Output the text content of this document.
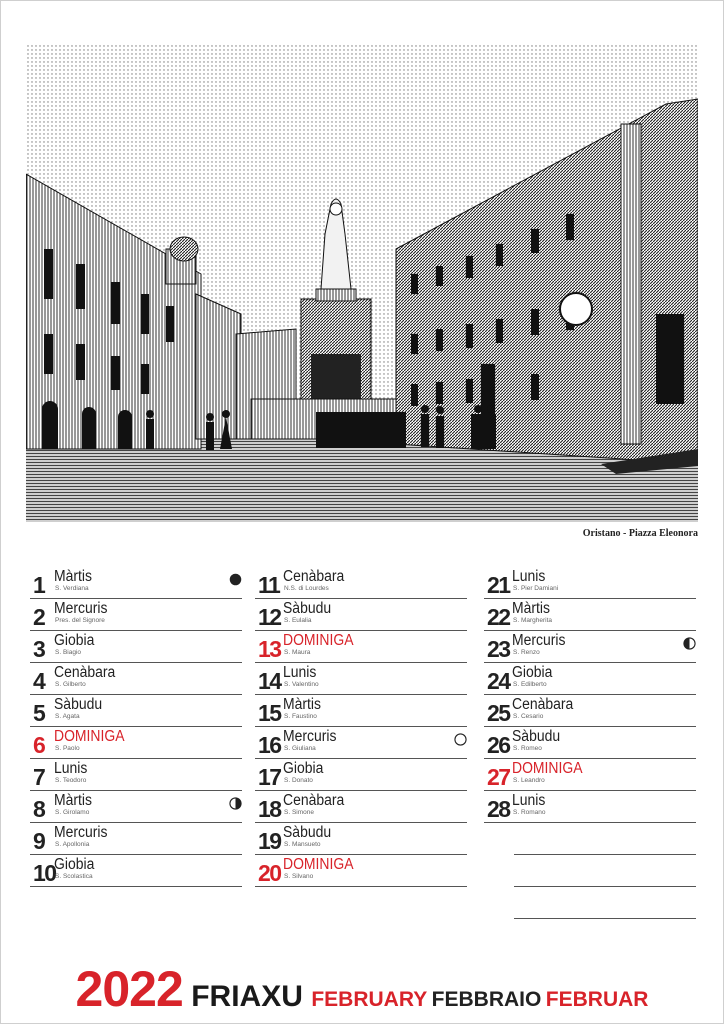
Oristano - Piazza Eleonora
1 Màrtis
S. Verdiana
2 Mercuris
Pres. del Signore
3 Giobia
S. Biagio
4 Cenàbara
S. Gilberto
5 Sàbudu
S. Agata
6 DOMINIGA
S. Paolo
7 Lunis
S. Teodoro
8 Màrtis
S. Girolamo
9 Mercuris
S. Apollonia
10
Giobia
S. Scolastica
11 Cenàbara
N.S. di Lourdes
12 Sàbudu
S. Eulalia
13 DOMINIGA
S. Maura
14 Lunis
S. Valentino
15 Màrtis
S. Faustino
16 Mercuris
S. Giuliana
17 Giobia
S. Donato
18 Cenàbara
S. Simone
19 Sàbudu
S. Mansueto
20 DOMINIGA
S. Silvano
21 Lunis
S. Pier Damiani
22 Màrtis
S. Margherita
23 Mercuris
S. Renzo
24 Giobia
S. Edilberto
25 Cenàbara
S. Cesario
26 Sàbudu
S. Romeo
27 DOMINIGA
S. Leandro
28 Lunis
S. Romano
2022 FRIAXU FEBRUARY FEBBRAIO FEBRUAR
